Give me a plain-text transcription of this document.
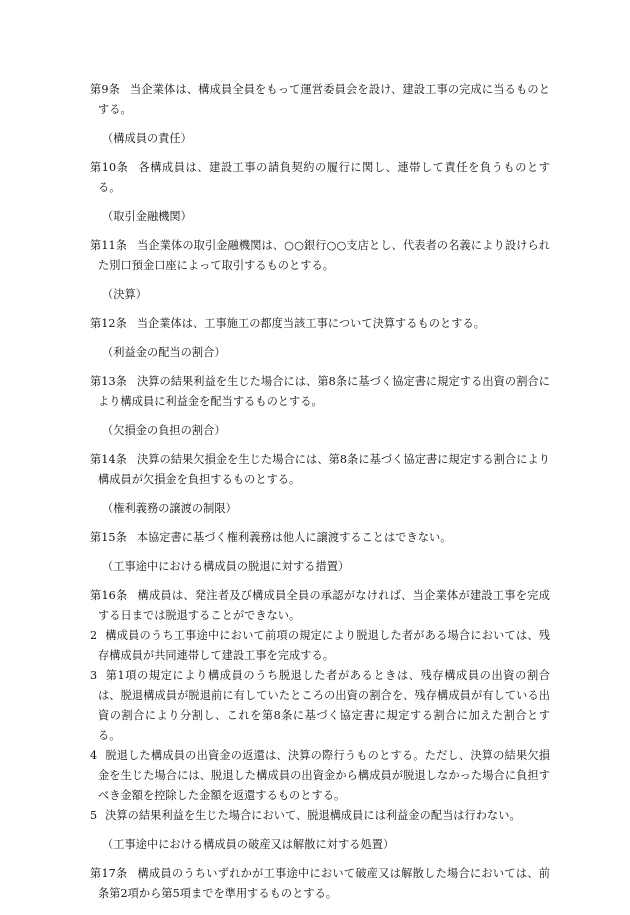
第9条 当企業体は、構成員全員をもって運営委員会を設け、建設工事の完成に当るものとする。

（構成員の責任）

第10条 各構成員は、建設工事の請負契約の履行に関し、連帯して責任を負うものとする。

（取引金融機関）

第11条 当企業体の取引金融機関は、○○銀行○○支店とし、代表者の名義により設けられた別口預金口座によって取引するものとする。

（決算）

第12条 当企業体は、工事施工の都度当該工事について決算するものとする。

（利益金の配当の割合）

第13条 決算の結果利益を生じた場合には、第8条に基づく協定書に規定する出資の割合により構成員に利益金を配当するものとする。

（欠損金の負担の割合）

第14条 決算の結果欠損金を生じた場合には、第8条に基づく協定書に規定する割合により構成員が欠損金を負担するものとする。

（権利義務の譲渡の制限）

第15条 本協定書に基づく権利義務は他人に譲渡することはできない。

（工事途中における構成員の脱退に対する措置）

第16条 構成員は、発注者及び構成員全員の承認がなければ、当企業体が建設工事を完成する日までは脱退することができない。

2 構成員のうち工事途中において前項の規定により脱退した者がある場合においては、残存構成員が共同連帯して建設工事を完成する。

3 第1項の規定により構成員のうち脱退した者があるときは、残存構成員の出資の割合は、脱退構成員が脱退前に有していたところの出資の割合を、残存構成員が有している出資の割合により分割し、これを第8条に基づく協定書に規定する割合に加えた割合とする。

4 脱退した構成員の出資金の返還は、決算の際行うものとする。ただし、決算の結果欠損金を生じた場合には、脱退した構成員の出資金から構成員が脱退しなかった場合に負担すべき金額を控除した金額を返還するものとする。

5 決算の結果利益を生じた場合において、脱退構成員には利益金の配当は行わない。

（工事途中における構成員の破産又は解散に対する処置）

第17条 構成員のうちいずれかが工事途中において破産又は解散した場合においては、前条第2項から第5項までを準用するものとする。
